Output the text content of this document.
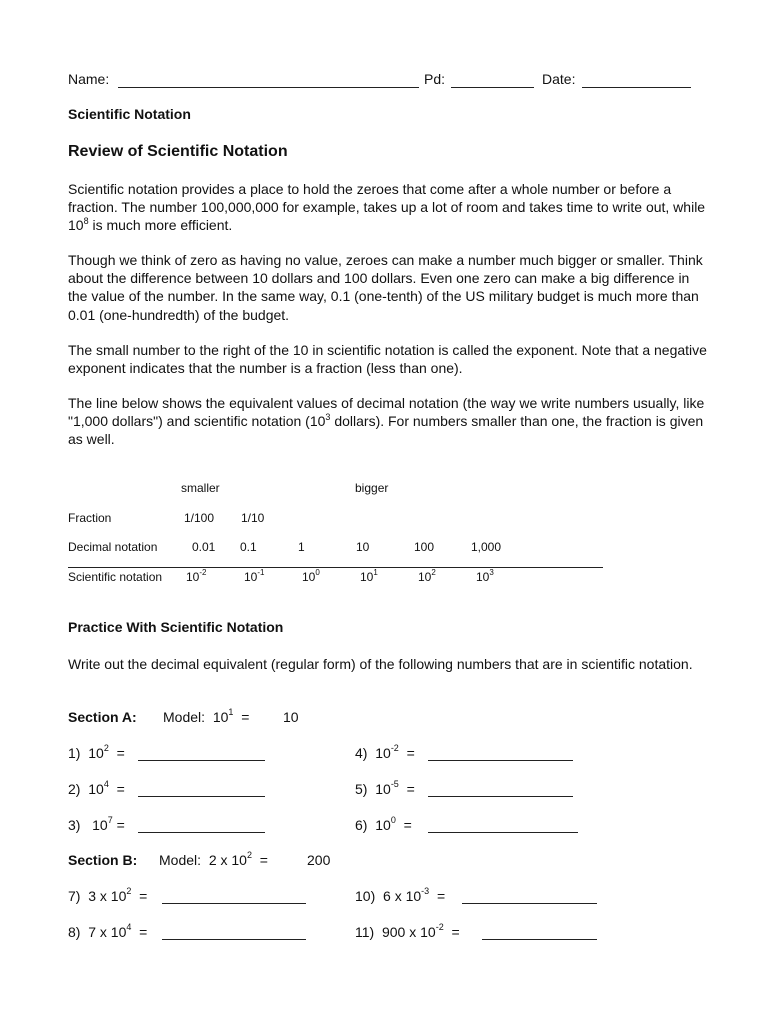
Name:	Pd:	Date:
Scientific Notation
Review of Scientific Notation
Scientific notation provides a place to hold the zeroes that come after a whole number or before a fraction. The number 100,000,000 for example, takes up a lot of room and takes time to write out, while $10^8$ is much more efficient.
Though we think of zero as having no value, zeroes can make a number much bigger or smaller. Think about the difference between 10 dollars and 100 dollars. Even one zero can make a big difference in the value of the number. In the same way, 0.1 (one-tenth) of the US military budget is much more than 0.01 (one-hundredth) of the budget.
The small number to the right of the 10 in scientific notation is called the exponent. Note that a negative exponent indicates that the number is a fraction (less than one).
The line below shows the equivalent values of decimal notation (the way we write numbers usually, like "1,000 dollars") and scientific notation ($10^3$ dollars). For numbers smaller than one, the fraction is given as well.
smaller	bigger
Fraction	1/100 1/10
Decimal notation	0.01 0.1	1	10	100	1,000
Scientific notation $10^{-2}$	$10^{-1}$	$10^0$	$10^1$	$10^2$	$10^3$
Practice With Scientific Notation
Write out the decimal equivalent (regular form) of the following numbers that are in scientific notation.
Section A: Model: $10^1 = 10$
1) $10^2$ =	4) $10^{-2}$ =
2) $10^4$ =	5) $10^{-5}$ =
3) $10^7$ =	6) $10^0$ =
Section B: Model: 2 x $10^2$ =	200
7) 3 x $10^2$ =	10) 6 x $10^{-3}$ =
8) 7 x $10^4$ =	11) 900 x $10^{-2}$ =
